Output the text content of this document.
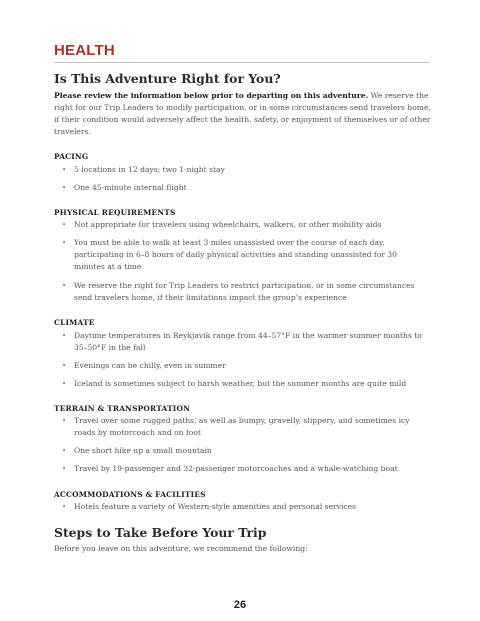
HEALTH
Is This Adventure Right for You?

Please review the information below prior to departing on this adventure. We reserve the right for our Trip Leaders to modify participation, or in some circumstances send travelers home, if their condition would adversely affect the health, safety, or enjoyment of themselves or of other travelers.

PACING
• 5 locations in 12 days; two 1-night stay
• One 45-minute internal flight
PHYSICAL REQUIREMENTS
• Not appropriate for travelers using wheelchairs, walkers, or other mobility aids
• You must be able to walk at least 3 miles unassisted over the course of each day, participating in 6–8 hours of daily physical activities and standing unassisted for 30 minutes at a time
• We reserve the right for Trip Leaders to restrict participation, or in some circumstances send travelers home, if their limitations impact the group’s experience
CLIMATE
• Daytime temperatures in Reykjavik range from 44–57°F in the warmer summer months to 35–50°F in the fall
• Evenings can be chilly, even in summer
• Iceland is sometimes subject to harsh weather, but the summer months are quite mild
TERRAIN & TRANSPORTATION
• Travel over some rugged paths, as well as bumpy, gravelly, slippery, and sometimes icy roads by motorcoach and on foot
• One short hike up a small mountain
• Travel by 19-passenger and 32-passenger motorcoaches and a whale-watching boat
ACCOMMODATIONS & FACILITIES
• Hotels feature a variety of Western-style amenities and personal services
Steps to Take Before Your Trip
Before you leave on this adventure, we recommend the following:
26
